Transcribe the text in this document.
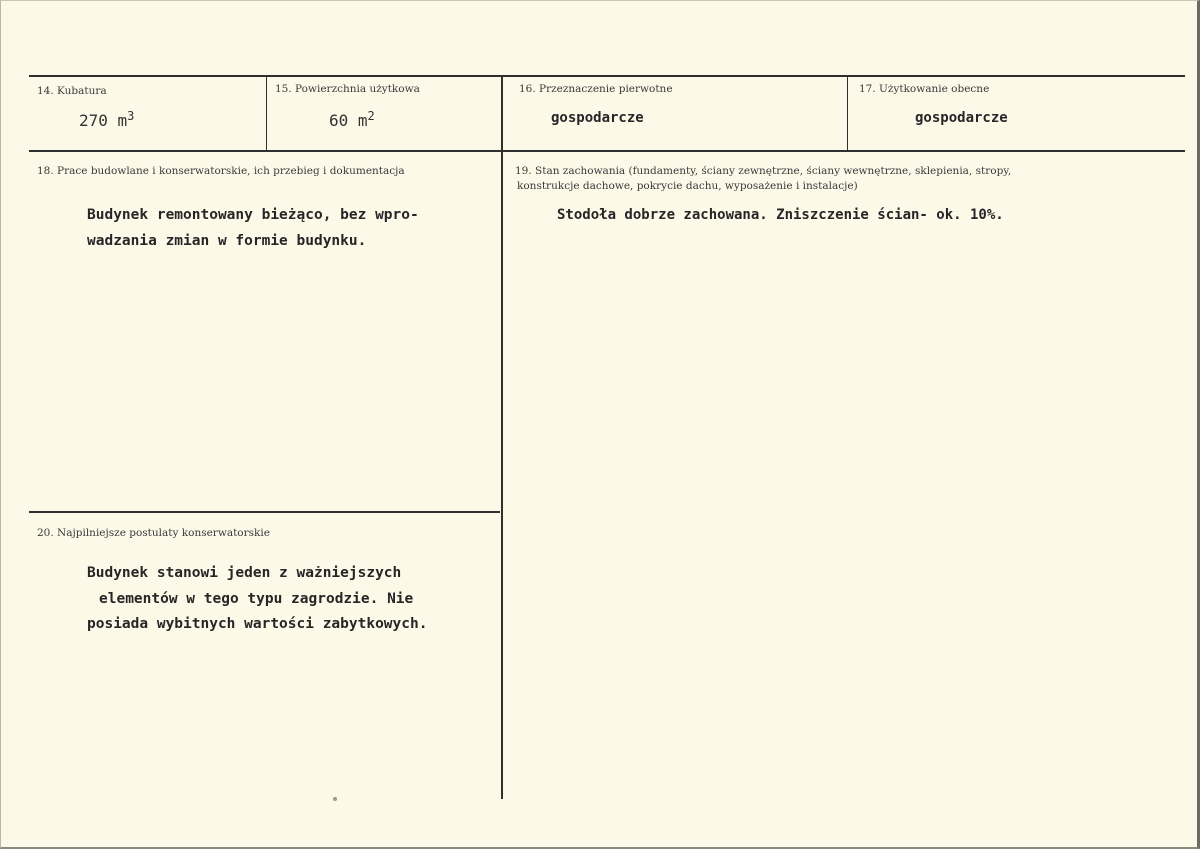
14. Kubatura
270 $m^3$
15. Powierzchnia użytkowa
60 $m^2$
16. Przeznaczenie pierwotne
gospodarcze
17. Użytkowanie obecne
gospodarcze
18. Prace budowlane i konserwatorskie, ich przebieg i dokumentacja
Budynek remontowany bieżąco, bez wpro-
wadzania zmian w formie budynku.
19. Stan zachowania (fundamenty, ściany zewnętrzne, ściany wewnętrzne, sklepienia, stropy,
konstrukcje dachowe, pokrycie dachu, wyposażenie i instalacje)
Stodoła dobrze zachowana. Zniszczenie ścian- ok. 10%.
20. Najpilniejsze postulaty konserwatorskie
Budynek stanowi jeden z ważniejszych
elementów w tego typu zagrodzie. Nie
posiada wybitnych wartości zabytkowych.
